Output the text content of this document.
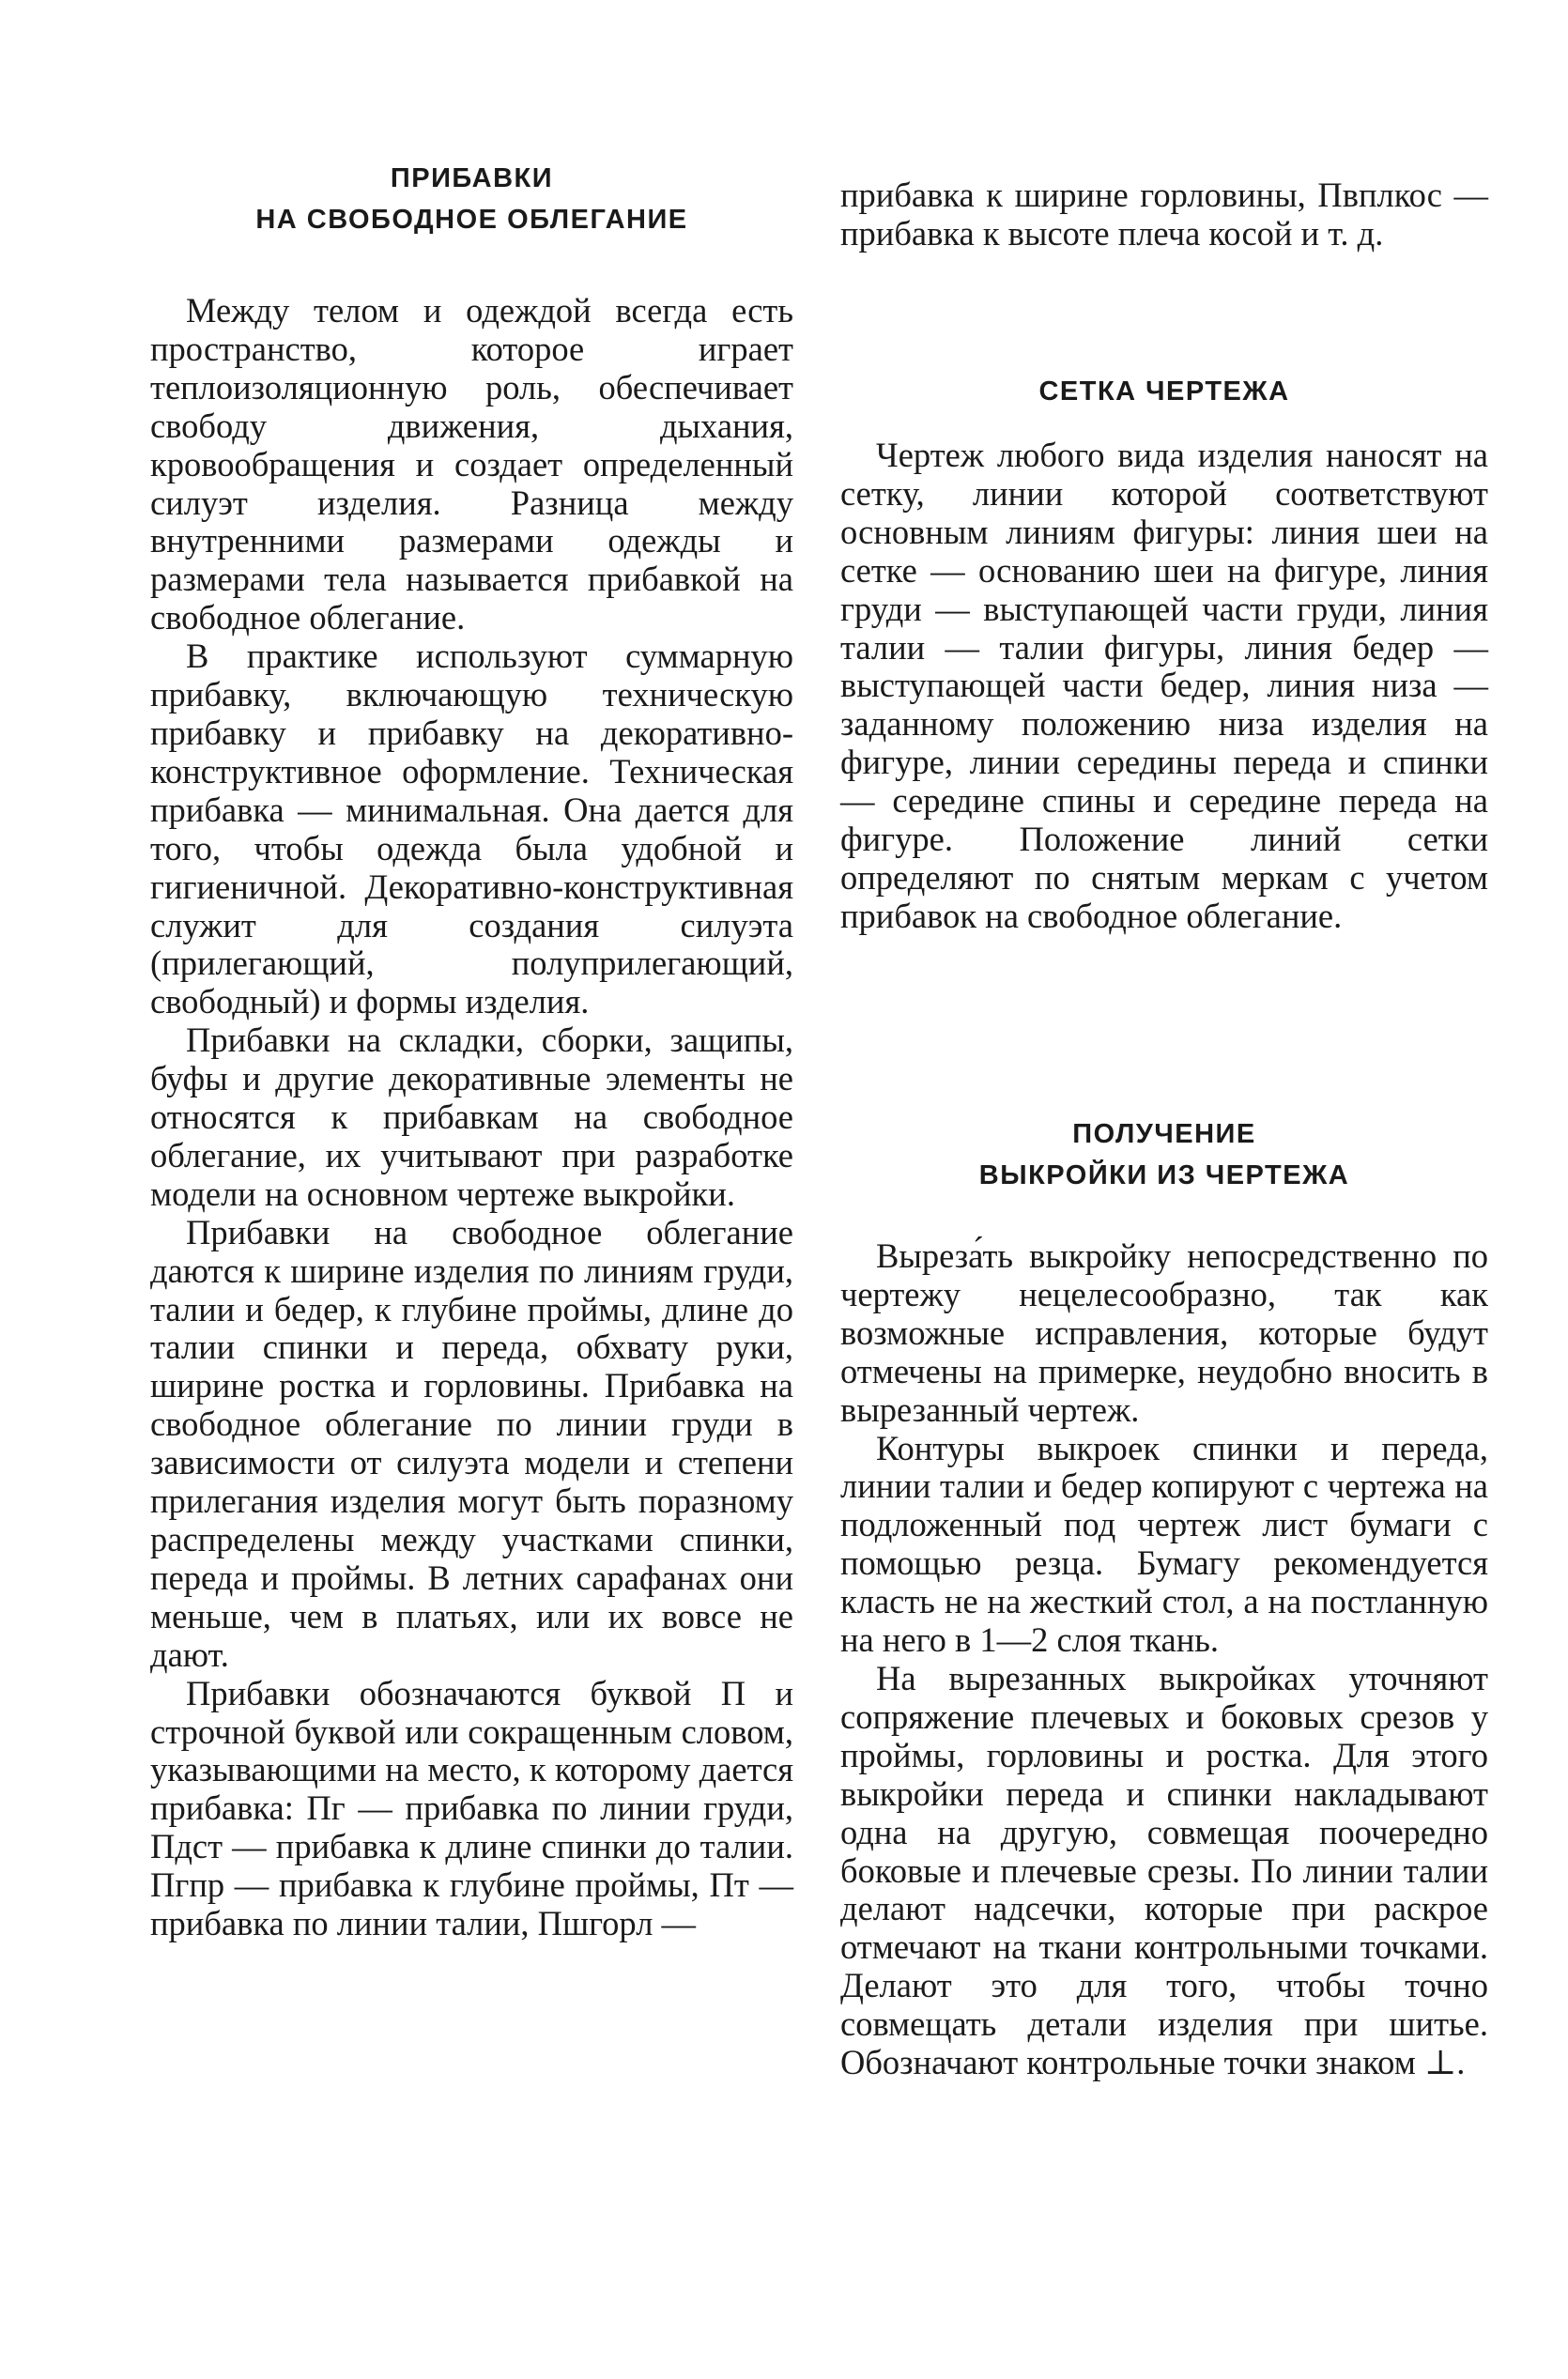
ПРИБАВКИ
НА СВОБОДНОЕ ОБЛЕГАНИЕ

Между телом и одеждой всегда есть пространство, которое играет теплоизоляционную роль, обеспечивает свободу движения, дыхания, кровообращения и создает определенный силуэт изделия. Разница между внутренними размерами одежды и размерами тела называется прибавкой на свободное облегание.

В практике используют суммарную прибавку, включающую техническую прибавку и прибавку на декоративно-конструктивное оформление. Техническая прибавка — минимальная. Она дается для того, чтобы одежда была удобной и гигиеничной. Декоративно-конструктивная служит для создания силуэта (прилегающий, полуприлегающий, свободный) и формы изделия.

Прибавки на складки, сборки, защипы, буфы и другие декоративные элементы не относятся к прибавкам на свободное облегание, их учитывают при разработке модели на основном чертеже выкройки.

Прибавки на свободное облегание даются к ширине изделия по линиям груди, талии и бедер, к глубине проймы, длине до талии спинки и переда, обхвату руки, ширине ростка и горловины. Прибавка на свободное облегание по линии груди в зависимости от силуэта модели и степени прилегания изделия могут быть поразному распределены между участками спинки, переда и проймы. В летних сарафанах они меньше, чем в платьях, или их вовсе не дают.

Прибавки обозначаются буквой П и строчной буквой или сокращенным словом, указывающими на место, к которому дается прибавка: Пг — прибавка по линии груди, Пдст — прибавка к длине спинки до талии. Пгпр — прибавка к глубине проймы, Пт — прибавка по линии талии, Пшгорл —

прибавка к ширине горловины, Пвплкос — прибавка к высоте плеча косой и т. д.

СЕТКА ЧЕРТЕЖА

Чертеж любого вида изделия наносят на сетку, линии которой соответствуют основным линиям фигуры: линия шеи на сетке — основанию шеи на фигуре, линия груди — выступающей части груди, линия талии — талии фигуры, линия бедер — выступающей части бедер, линия низа — заданному положению низа изделия на фигуре, линии середины переда и спинки — середине спины и середине переда на фигуре. Положение линий сетки определяют по снятым меркам с учетом прибавок на свободное облегание.

ПОЛУЧЕНИЕ
ВЫКРОЙКИ ИЗ ЧЕРТЕЖА

Выреза́ть выкройку непосредственно по чертежу нецелесообразно, так как возможные исправления, которые будут отмечены на примерке, неудобно вносить в вырезанный чертеж.

Контуры выкроек спинки и переда, линии талии и бедер копируют с чертежа на подложенный под чертеж лист бумаги с помощью резца. Бумагу рекомендуется класть не на жесткий стол, а на постланную на него в 1—2 слоя ткань.

На вырезанных выкройках уточняют сопряжение плечевых и боковых срезов у проймы, горловины и ростка. Для этого выкройки переда и спинки накладывают одна на другую, совмещая поочередно боковые и плечевые срезы. По линии талии делают надсечки, которые при раскрое отмечают на ткани контрольными точками. Делают это для того, чтобы точно совмещать детали изделия при шитье. Обозначают контрольные точки знаком ⊥.
